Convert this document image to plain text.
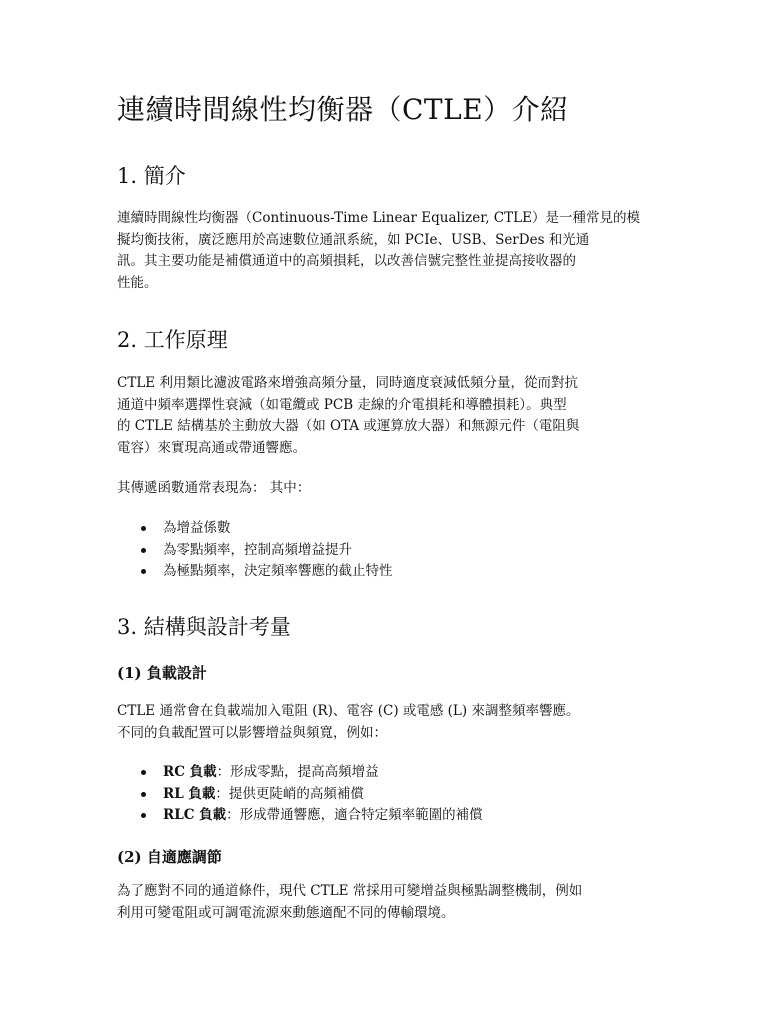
連續時間線性均衡器（CTLE）介紹
1. 簡介

連續時間線性均衡器（Continuous-Time Linear Equalizer, CTLE）是一種常見的模
擬均衡技術，廣泛應用於高速數位通訊系統，如 PCIe、USB、SerDes 和光通
訊。其主要功能是補償通道中的高頻損耗，以改善信號完整性並提高接收器的
性能。

2. 工作原理

CTLE 利用類比濾波電路來增強高頻分量，同時適度衰減低頻分量，從而對抗
通道中頻率選擇性衰減（如電纜或 PCB 走線的介電損耗和導體損耗）。典型
的 CTLE 結構基於主動放大器（如 OTA 或運算放大器）和無源元件（電阻與
電容）來實現高通或帶通響應。

其傳遞函數通常表現為： 其中：

為增益係數
為零點頻率，控制高頻增益提升
為極點頻率，決定頻率響應的截止特性
3. 結構與設計考量
(1) 負載設計

CTLE 通常會在負載端加入電阻 (R)、電容 (C) 或電感 (L) 來調整頻率響應。
不同的負載配置可以影響增益與頻寬，例如：

RC 負載：形成零點，提高高頻增益
RL 負載：提供更陡峭的高頻補償
RLC 負載：形成帶通響應，適合特定頻率範圍的補償
(2) 自適應調節

為了應對不同的通道條件，現代 CTLE 常採用可變增益與極點調整機制，例如
利用可變電阻或可調電流源來動態適配不同的傳輸環境。
